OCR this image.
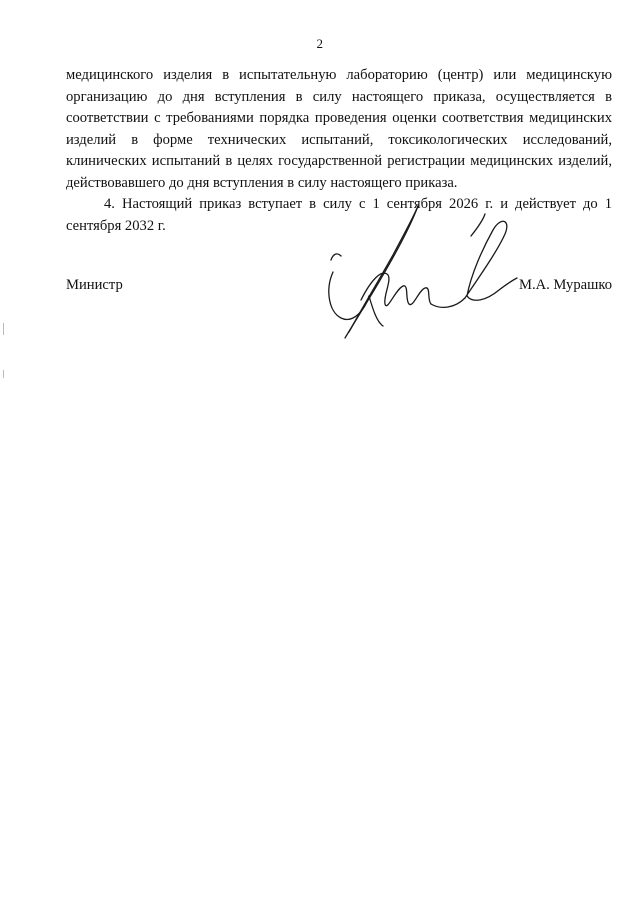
2

медицинского изделия в испытательную лабораторию (центр) или медицинскую организацию до дня вступления в силу настоящего приказа, осуществляется в соответствии с требованиями порядка проведения оценки соответствия медицинских изделий в форме технических испытаний, токсикологических исследований, клинических испытаний в целях государственной регистрации медицинских изделий, действовавшего до дня вступления в силу настоящего приказа.

4. Настоящий приказ вступает в силу с 1 сентября 2026 г. и действует до 1 сентября 2032 г.

Министр	М.А. Мурашко
